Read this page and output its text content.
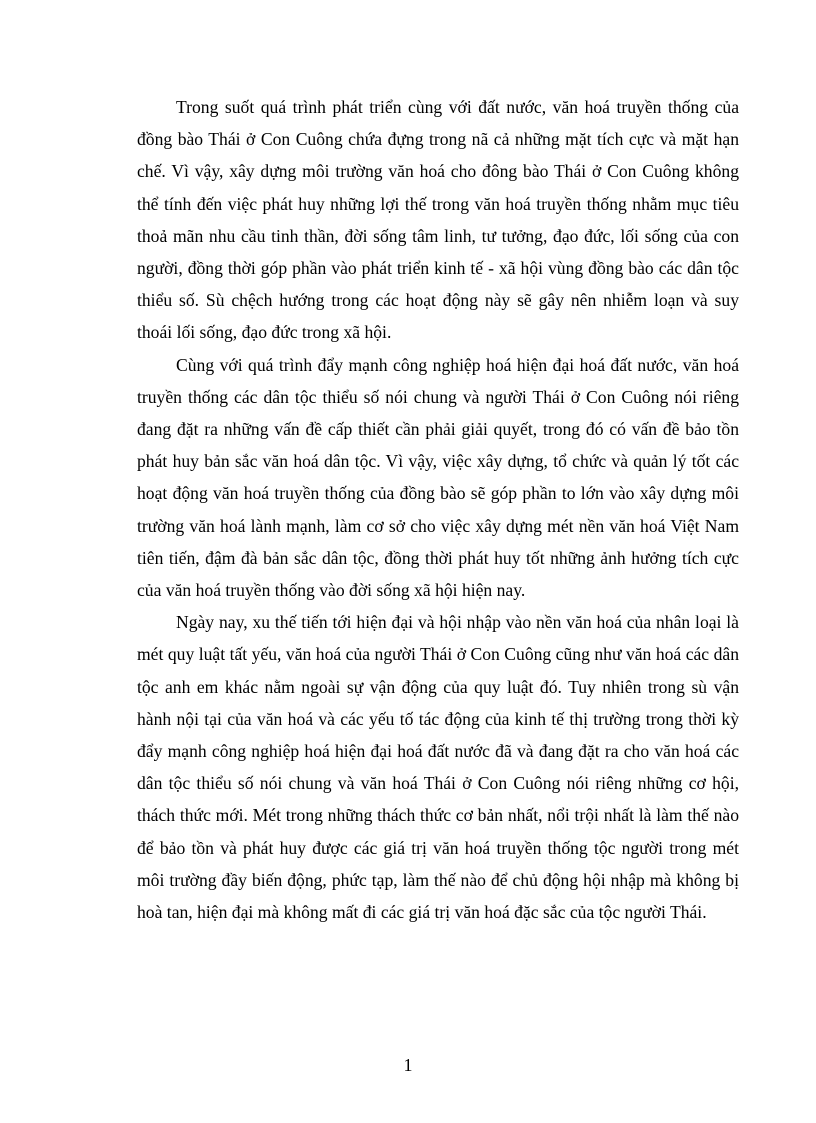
Trong suốt quá trình phát triển cùng với đất nước, văn hoá truyền thống của đồng bào Thái ở Con Cuông chứa đựng trong nã cả những mặt tích cực và mặt hạn chế. Vì vậy, xây dựng môi trường văn hoá cho đông bào Thái ở Con Cuông không thể tính đến việc phát huy những lợi thế trong văn hoá truyền thống nhằm mục tiêu thoả mãn nhu cầu tinh thần, đời sống tâm linh, tư tưởng, đạo đức, lối sống của con người, đồng thời góp phần vào phát triển kinh tế - xã hội vùng đồng bào các dân tộc thiểu số. Sù chệch hướng trong các hoạt động này sẽ gây nên nhiễm loạn và suy thoái lối sống, đạo đức trong xã hội.

Cùng với quá trình đẩy mạnh công nghiệp hoá hiện đại hoá đất nước, văn hoá truyền thống các dân tộc thiểu số nói chung và người Thái ở Con Cuông nói riêng đang đặt ra những vấn đề cấp thiết cần phải giải quyết, trong đó có vấn đề bảo tồn phát huy bản sắc văn hoá dân tộc. Vì vậy, việc xây dựng, tổ chức và quản lý tốt các hoạt động văn hoá truyền thống của đồng bào sẽ góp phần to lớn vào xây dựng môi trường văn hoá lành mạnh, làm cơ sở cho việc xây dựng mét nền văn hoá Việt Nam tiên tiến, đậm đà bản sắc dân tộc, đồng thời phát huy tốt những ảnh hưởng tích cực của văn hoá truyền thống vào đời sống xã hội hiện nay.

Ngày nay, xu thế tiến tới hiện đại và hội nhập vào nền văn hoá của nhân loại là mét quy luật tất yếu, văn hoá của người Thái ở Con Cuông cũng như văn hoá các dân tộc anh em khác nằm ngoài sự vận động của quy luật đó. Tuy nhiên trong sù vận hành nội tại của văn hoá và các yếu tố tác động của kinh tế thị trường trong thời kỳ đẩy mạnh công nghiệp hoá hiện đại hoá đất nước đã và đang đặt ra cho văn hoá các dân tộc thiểu số nói chung và văn hoá Thái ở Con Cuông nói riêng những cơ hội, thách thức mới. Mét trong những thách thức cơ bản nhất, nổi trội nhất là làm thế nào để bảo tồn và phát huy được các giá trị văn hoá truyền thống tộc người trong mét môi trường đầy biến động, phức tạp, làm thế nào để chủ động hội nhập mà không bị hoà tan, hiện đại mà không mất đi các giá trị văn hoá đặc sắc của tộc người Thái.

1
